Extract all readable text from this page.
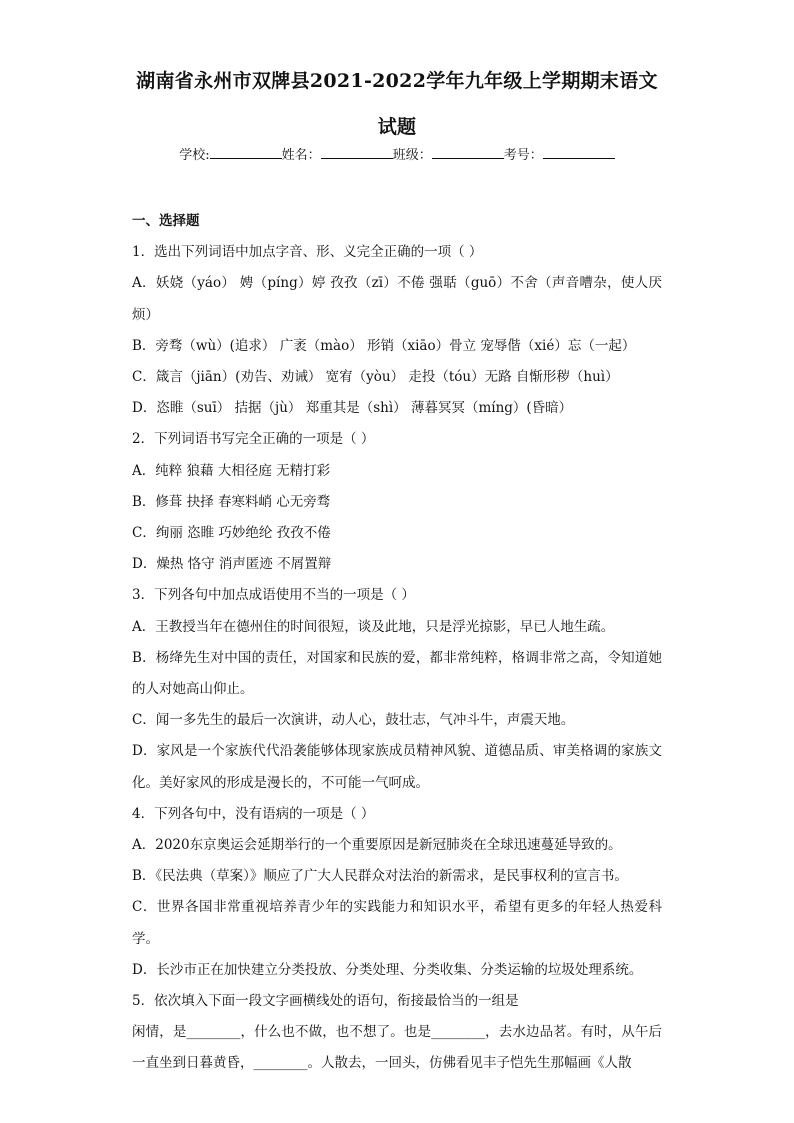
湖南省永州市双牌县2021-2022学年九年级上学期期末语文
试题
学校:	姓名：	班级：	考号：

一、选择题

1．选出下列词语中加点字音、形、义完全正确的一项（ ）

A．妖娆（yáo） 娉（píng）婷 孜孜（zī）不倦 强聒（guō）不舍（声音嘈杂，使人厌烦）

B．旁骛（wù）(追求） 广袤（mào） 形销（xiāo）骨立 宠辱偕（xié）忘（一起）

C．箴言（jiān）(劝告、劝诫） 宽宥（yòu） 走投（tóu）无路 自惭形秽（huì）

D．恣睢（suī） 拮据（jù） 郑重其是（shì） 薄暮冥冥（míng）(昏暗）

2．下列词语书写完全正确的一项是（ ）

A．纯粹 狼藉 大相径庭 无精打彩

B．修葺 抉择 春寒料峭 心无旁骛

C．绚丽 恣睢 巧妙绝纶 孜孜不倦

D．燥热 恪守 消声匿迹 不屑置辩

3．下列各句中加点成语使用不当的一项是（ ）

A．王教授当年在德州住的时间很短，谈及此地，只是浮光掠影，早已人地生疏。

B．杨绛先生对中国的责任，对国家和民族的爱，都非常纯粹，格调非常之高，令知道她的人对她高山仰止。

C．闻一多先生的最后一次演讲，动人心，鼓壮志，气冲斗牛，声震天地。

D．家风是一个家族代代沿袭能够体现家族成员精神风貌、道德品质、审美格调的家族文化。美好家风的形成是漫长的，不可能一气呵成。

4．下列各句中，没有语病的一项是（ ）

A．2020东京奥运会延期举行的一个重要原因是新冠肺炎在全球迅速蔓延导致的。

B．《民法典（草案）》顺应了广大人民群众对法治的新需求，是民事权利的宣言书。

C．世界各国非常重视培养青少年的实践能力和知识水平，希望有更多的年轻人热爱科学。

D．长沙市正在加快建立分类投放、分类处理、分类收集、分类运输的垃圾处理系统。

5．依次填入下面一段文字画横线处的语句，衔接最恰当的一组是

闲情，是________，什么也不做，也不想了。也是________，去水边品茗。有时，从午后一直坐到日暮黄昏，________。人散去，一回头，仿佛看见丰子恺先生那幅画《人散
